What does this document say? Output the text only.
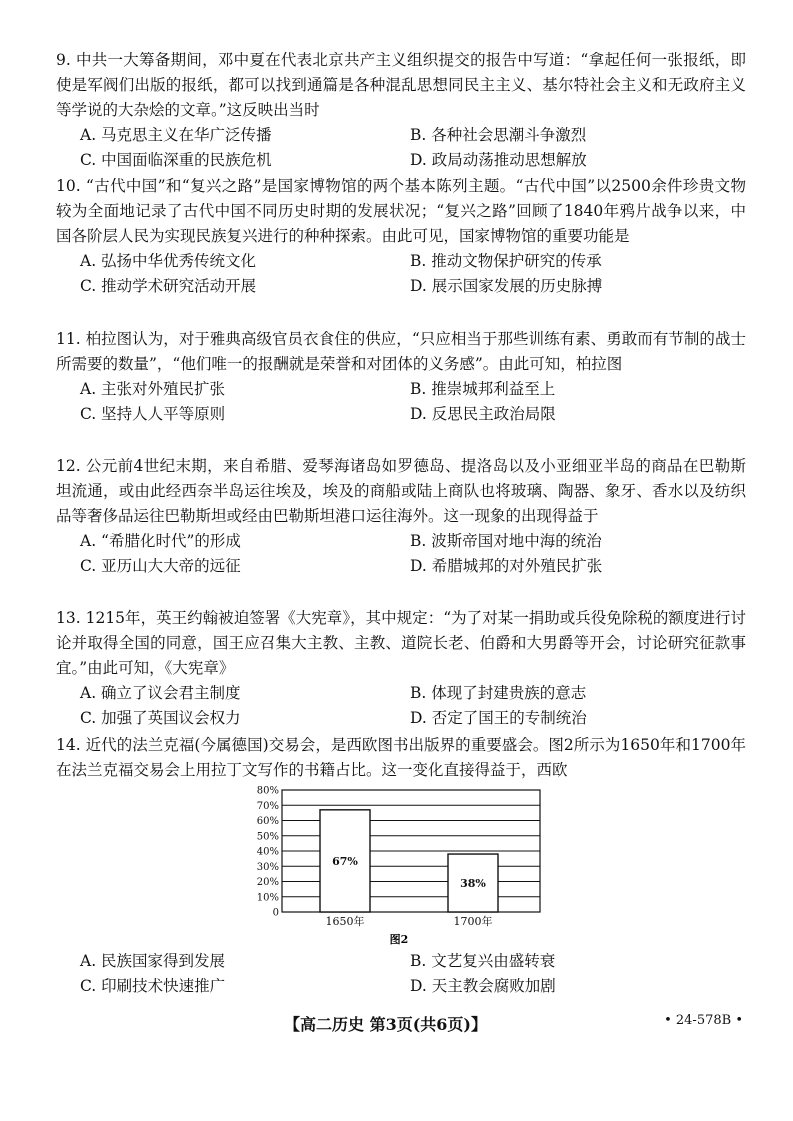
9. 中共一大筹备期间，邓中夏在代表北京共产主义组织提交的报告中写道：“拿起任何一张报纸，即使是军阀们出版的报纸，都可以找到通篇是各种混乱思想同民主主义、基尔特社会主义和无政府主义等学说的大杂烩的文章。”这反映出当时

A. 马克思主义在华广泛传播	B. 各种社会思潮斗争激烈
C. 中国面临深重的民族危机	D. 政局动荡推动思想解放

10. “古代中国”和“复兴之路”是国家博物馆的两个基本陈列主题。“古代中国”以2500余件珍贵文物较为全面地记录了古代中国不同历史时期的发展状况；“复兴之路”回顾了1840年鸦片战争以来，中国各阶层人民为实现民族复兴进行的种种探索。由此可见，国家博物馆的重要功能是

A. 弘扬中华优秀传统文化	B. 推动文物保护研究的传承
C. 推动学术研究活动开展	D. 展示国家发展的历史脉搏

11. 柏拉图认为，对于雅典高级官员衣食住的供应，“只应相当于那些训练有素、勇敢而有节制的战士所需要的数量”，“他们唯一的报酬就是荣誉和对团体的义务感”。由此可知，柏拉图

A. 主张对外殖民扩张	B. 推崇城邦利益至上
C. 坚持人人平等原则	D. 反思民主政治局限

12. 公元前4世纪末期，来自希腊、爱琴海诸岛如罗德岛、提洛岛以及小亚细亚半岛的商品在巴勒斯坦流通，或由此经西奈半岛运往埃及，埃及的商船或陆上商队也将玻璃、陶器、象牙、香水以及纺织品等奢侈品运往巴勒斯坦或经由巴勒斯坦港口运往海外。这一现象的出现得益于

A. “希腊化时代”的形成	B. 波斯帝国对地中海的统治
C. 亚历山大大帝的远征	D. 希腊城邦的对外殖民扩张

13. 1215年，英王约翰被迫签署《大宪章》，其中规定：“为了对某一捐助或兵役免除税的额度进行讨论并取得全国的同意，国王应召集大主教、主教、道院长老、伯爵和大男爵等开会，讨论研究征款事宜。”由此可知，《大宪章》

A. 确立了议会君主制度	B. 体现了封建贵族的意志
C. 加强了英国议会权力	D. 否定了国王的专制统治

14. 近代的法兰克福(今属德国)交易会，是西欧图书出版界的重要盛会。图2所示为1650年和1700年在法兰克福交易会上用拉丁文写作的书籍占比。这一变化直接得益于，西欧

0
10%
20%
30%
40%
50%
60%
70%
80%
67%
38%
1650年	1700年
图2
A. 民族国家得到发展	B. 文艺复兴由盛转衰
C. 印刷技术快速推广	D. 天主教会腐败加剧
【高二历史 第3页(共6页)】	• 24-578B •
